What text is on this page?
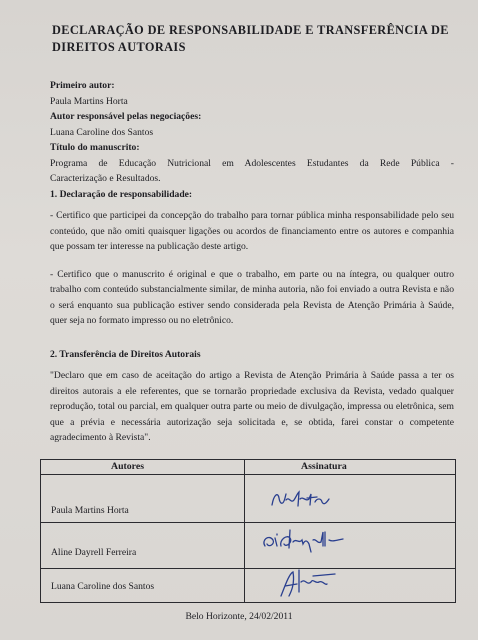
DECLARAÇÃO DE RESPONSABILIDADE E TRANSFERÊNCIA DE DIREITOS AUTORAIS
Primeiro autor:
Paula Martins Horta
Autor responsável pelas negociações:
Luana Caroline dos Santos
Título do manuscrito:
Programa de Educação Nutricional em Adolescentes Estudantes da Rede Pública -
Caracterização e Resultados.
1. Declaração de responsabilidade:
- Certifico que participei da concepção do trabalho para tornar pública minha responsabilidade pelo seu conteúdo, que não omiti quaisquer ligações ou acordos de financiamento entre os autores e companhia que possam ter interesse na publicação deste artigo.
- Certifico que o manuscrito é original e que o trabalho, em parte ou na íntegra, ou qualquer outro trabalho com conteúdo substancialmente similar, de minha autoria, não foi enviado a outra Revista e não o será enquanto sua publicação estiver sendo considerada pela Revista de Atenção Primária à Saúde, quer seja no formato impresso ou no eletrônico.
2. Transferência de Direitos Autorais
"Declaro que em caso de aceitação do artigo a Revista de Atenção Primária à Saúde passa a ter os direitos autorais a ele referentes, que se tornarão propriedade exclusiva da Revista, vedado qualquer reprodução, total ou parcial, em qualquer outra parte ou meio de divulgação, impressa ou eletrônica, sem que a prévia e necessária autorização seja solicitada e, se obtida, farei constar o competente agradecimento à Revista".
Autores	Assinatura
Paula Martins Horta
Aline Dayrell Ferreira
Luana Caroline dos Santos
Belo Horizonte, 24/02/2011
